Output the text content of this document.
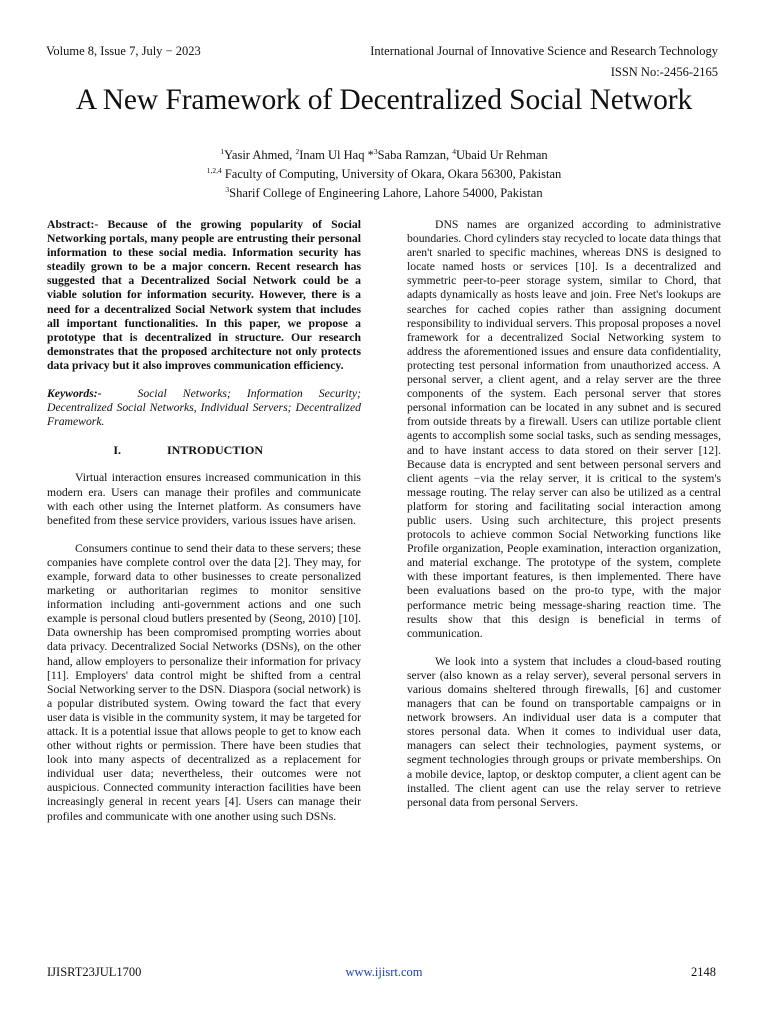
Volume 8, Issue 7, July − 2023	International Journal of Innovative Science and Research Technology
ISSN No:-2456-2165
A New Framework of Decentralized Social Network
$^1$Yasir Ahmed, $^2$Inam Ul Haq *$^3$Saba Ramzan, $^4$Ubaid Ur Rehman
$^{1,2,4}$ Faculty of Computing, University of Okara, Okara 56300, Pakistan
$^3$Sharif College of Engineering Lahore, Lahore 54000, Pakistan

Abstract:- Because of the growing popularity of Social Networking portals, many people are entrusting their personal information to these social media. Information security has steadily grown to be a major concern. Recent research has suggested that a Decentralized Social Network could be a viable solution for information security. However, there is a need for a decentralized Social Network system that includes all important functionalities. In this paper, we propose a prototype that is decentralized in structure. Our research demonstrates that the proposed architecture not only protects data privacy but it also improves communication efficiency.

Keywords:-	Social Networks; Information Security; Decentralized Social Networks, Individual Servers; Decentralized Framework.

I.	INTRODUCTION

Virtual interaction ensures increased communication in this modern era. Users can manage their profiles and communicate with each other using the Internet platform. As consumers have benefited from these service providers, various issues have arisen.

Consumers continue to send their data to these servers; these companies have complete control over the data [2]. They may, for example, forward data to other businesses to create personalized marketing or authoritarian regimes to monitor sensitive information including anti-government actions and one such example is personal cloud butlers presented by (Seong, 2010) [10]. Data ownership has been compromised prompting worries about data privacy. Decentralized Social Networks (DSNs), on the other hand, allow employers to personalize their information for privacy [11]. Employers' data control might be shifted from a central Social Networking server to the DSN. Diaspora (social network) is a popular distributed system. Owing toward the fact that every user data is visible in the community system, it may be targeted for attack. It is a potential issue that allows people to get to know each other without rights or permission. There have been studies that look into many aspects of decentralized as a replacement for individual user data; nevertheless, their outcomes were not auspicious. Connected community interaction facilities have been increasingly general in recent years [4]. Users can manage their profiles and communicate with one another using such DSNs.

DNS names are organized according to administrative boundaries. Chord cylinders stay recycled to locate data things that aren't snarled to specific machines, whereas DNS is designed to locate named hosts or services [10]. Is a decentralized and symmetric peer-to-peer storage system, similar to Chord, that adapts dynamically as hosts leave and join. Free Net's lookups are searches for cached copies rather than assigning document responsibility to individual servers. This proposal proposes a novel framework for a decentralized Social Networking system to address the aforementioned issues and ensure data confidentiality, protecting test personal information from unauthorized access. A personal server, a client agent, and a relay server are the three components of the system. Each personal server that stores personal information can be located in any subnet and is secured from outside threats by a firewall. Users can utilize portable client agents to accomplish some social tasks, such as sending messages, and to have instant access to data stored on their server [12]. Because data is encrypted and sent between personal servers and client agents −via the relay server, it is critical to the system's message routing. The relay server can also be utilized as a central platform for storing and facilitating social interaction among public users. Using such architecture, this project presents protocols to achieve common Social Networking functions like Profile organization, People examination, interaction organization, and material exchange. The prototype of the system, complete with these important features, is then implemented. There have been evaluations based on the pro-to type, with the major performance metric being message-sharing reaction time. The results show that this design is beneficial in terms of communication.

We look into a system that includes a cloud-based routing server (also known as a relay server), several personal servers in various domains sheltered through firewalls, [6] and customer managers that can be found on transportable campaigns or in network browsers. An individual user data is a computer that stores personal data. When it comes to individual user data, managers can select their technologies, payment systems, or segment technologies through groups or private memberships. On a mobile device, laptop, or desktop computer, a client agent can be installed. The client agent can use the relay server to retrieve personal data from personal Servers.

IJISRT23JUL1700	www.ijisrt.com	2148
